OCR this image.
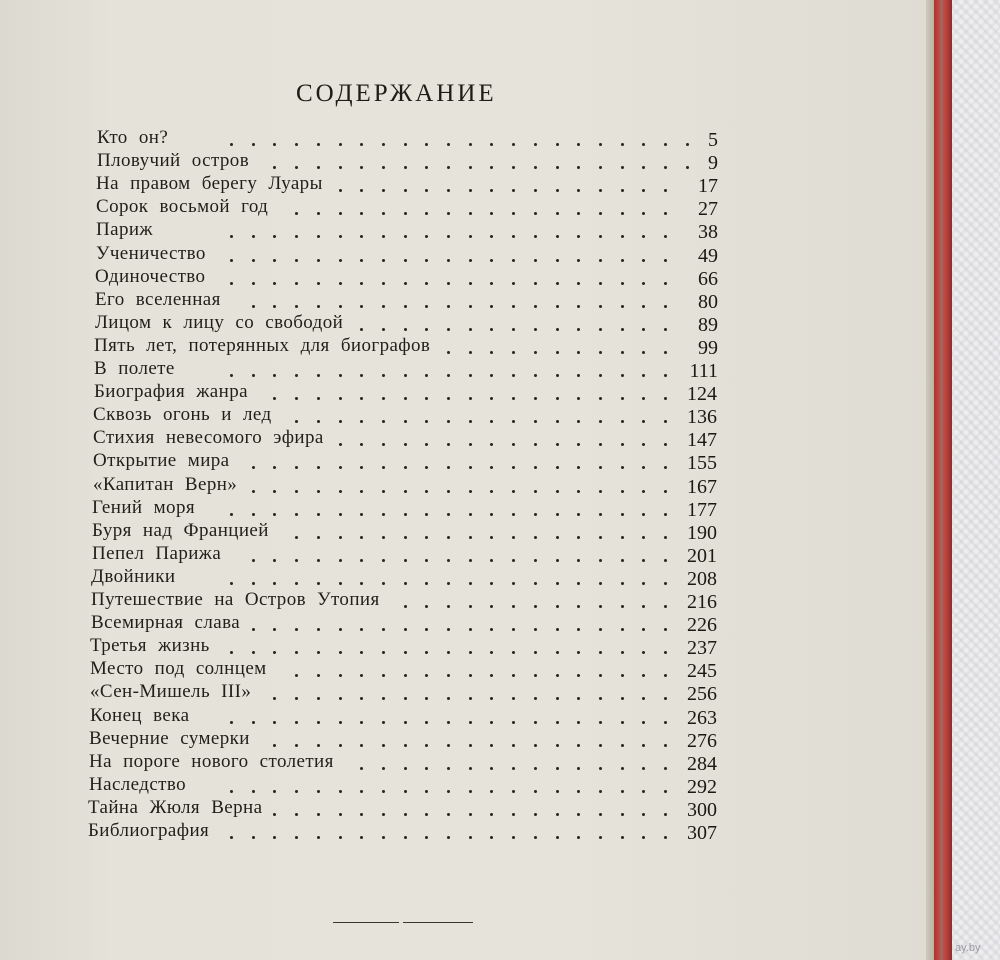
СОДЕРЖАНИЕ
Кто он?	5
Пловучий остров	9
На правом берегу Луары	17
Сорок восьмой год	27
Париж	38
Ученичество	49
Одиночество	66
Его вселенная	80
Лицом к лицу со свободой	89
Пять лет, потерянных для биографов	99
В полете	111
Биография жанра	124
Сквозь огонь и лед	136
Стихия невесомого эфира	147
Открытие мира	155
«Капитан Верн»	167
Гений моря	177
Буря над Францией	190
Пепел Парижа	201
Двойники	208
Путешествие на Остров Утопия	216
Всемирная слава	226
Третья жизнь	237
Место под солнцем	245
«Сен-Мишель III»	256
Конец века	263
Вечерние сумерки	276
На пороге нового столетия	284
Наследство	292
Тайна Жюля Верна	300
Библиография	307
ay.by
